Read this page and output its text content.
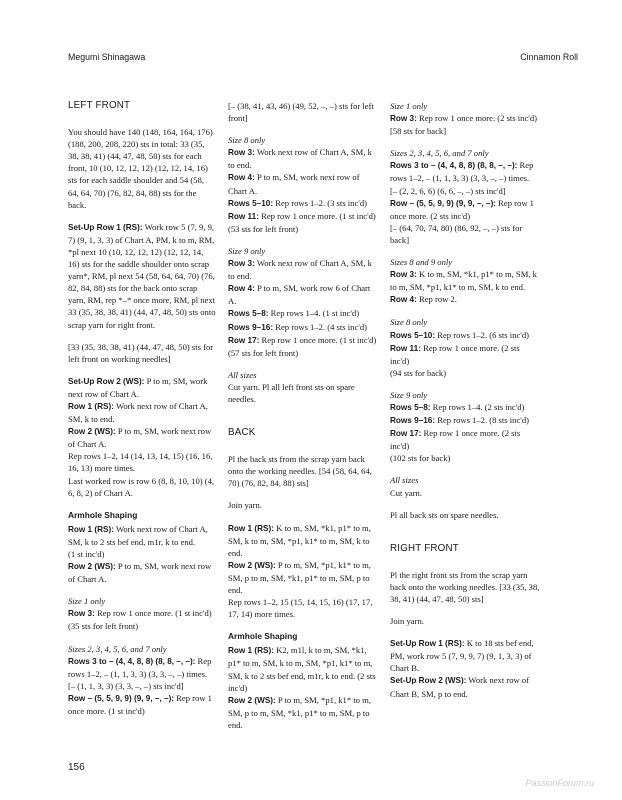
Megumi Shinagawa	Cinnamon Roll
LEFT FRONT

You should have 140 (148, 164, 164, 176) (188, 200, 208, 220) sts in total: 33 (35, 38, 38, 41) (44, 47, 48, 50) sts for each front, 10 (10, 12, 12, 12) (12, 12, 14, 16) sts for each saddle shoulder and 54 (58, 64, 64, 70) (76, 82, 84, 88) sts for the back.

Set-Up Row 1 (RS): Work row 5 (7, 9, 9, 7) (9, 1, 3, 3) of Chart A, PM, k to m, RM, *pl next 10 (10, 12, 12, 12) (12, 12, 14, 16) sts for the saddle shoulder onto scrap yarn*, RM, pl next 54 (58, 64, 64, 70) (76, 82, 84, 88) sts for the back onto scrap yarn, RM, rep *–* once more, RM, pl next 33 (35, 38, 38, 41) (44, 47, 48, 50) sts onto scrap yarn for right front.

[33 (35, 38, 38, 41) (44, 47, 48, 50) sts for left front on working needles]

Set-Up Row 2 (WS): P to m, SM, work next row of Chart A.

Row 1 (RS): Work next row of Chart A, SM, k to end.

Row 2 (WS): P to m, SM, work next row of Chart A.

Rep rows 1–2, 14 (14, 13, 14, 15) (16, 16, 16, 13) more times.

Last worked row is row 6 (8, 8, 10, 10) (4, 6, 8, 2) of Chart A.

Armhole Shaping

Row 1 (RS): Work next row of Chart A, SM, k to 2 sts bef end, m1r, k to end.
(1 st inc'd)

Row 2 (WS): P to m, SM, work next row of Chart A.

Size 1 only

Row 3: Rep row 1 once more. (1 st inc'd)

(35 sts for left front)

Sizes 2, 3, 4, 5, 6, and 7 only

Rows 3 to – (4, 4, 8, 8) (8, 8, –, –): Rep rows 1–2, – (1, 1, 3, 3) (3, 3, –, –) times.

[– (1, 1, 3, 3) (3, 3, –, –) sts inc'd]

Row – (5, 5, 9, 9) (9, 9, –, –): Rep row 1 once more. (1 st inc'd)

[– (38, 41, 43, 46) (49, 52, –, –) sts for left front]

Size 8 only

Row 3: Work next row of Chart A, SM, k to end.

Row 4: P to m, SM, work next row of Chart A.

Rows 5–10: Rep rows 1–2. (3 sts inc'd)

Row 11: Rep row 1 once more. (1 st inc'd)

(53 sts for left front)

Size 9 only

Row 3: Work next row of Chart A, SM, k to end.

Row 4: P to m, SM, work row 6 of Chart A.

Rows 5–8: Rep rows 1–4. (1 st inc'd)

Rows 9–16: Rep rows 1–2. (4 sts inc'd)

Row 17: Rep row 1 once more. (1 st inc'd)

(57 sts for left front)

All sizes

Cut yarn. Pl all left front sts on spare needles.

BACK

Pl the back sts from the scrap yarn back onto the working needles. [54 (58, 64, 64, 70) (76, 82, 84, 88) sts]

Join yarn.

Row 1 (RS): K to m, SM, *k1, p1* to m, SM, k to m, SM, *p1, k1* to m, SM, k to end.

Row 2 (WS): P to m, SM, *p1, k1* to m, SM, p to m, SM, *k1, p1* to m, SM, p to end.

Rep rows 1–2, 15 (15, 14, 15, 16) (17, 17, 17, 14) more times.

Armhole Shaping

Row 1 (RS): K2, m1l, k to m, SM, *k1, p1* to m, SM, k to m, SM, *p1, k1* to m, SM, k to 2 sts bef end, m1r, k to end. (2 sts inc'd)

Row 2 (WS): P to m, SM, *p1, k1* to m, SM, p to m, SM, *k1, p1* to m, SM, p to end.

Size 1 only

Row 3: Rep row 1 once more. (2 sts inc'd)

[58 sts for back]

Sizes 2, 3, 4, 5, 6, and 7 only

Rows 3 to – (4, 4, 8, 8) (8, 8, –, –): Rep rows 1–2, – (1, 1, 3, 3) (3, 3, –, –) times.

[– (2, 2, 6, 6) (6, 6, –, –) sts inc'd]

Row – (5, 5, 9, 9) (9, 9, –, –): Rep row 1 once more. (2 sts inc'd)

[– (64, 70, 74, 80) (86, 92, –, –) sts for back]

Sizes 8 and 9 only

Row 3: K to m, SM, *k1, p1* to m, SM, k to m, SM, *p1, k1* to m, SM, k to end.

Row 4: Rep row 2.

Size 8 only

Rows 5–10: Rep rows 1–2. (6 sts inc'd)

Row 11: Rep row 1 once more. (2 sts inc'd)

(94 sts for back)

Size 9 only

Rows 5–8: Rep rows 1–4. (2 sts inc'd)

Rows 9–16: Rep rows 1–2. (8 sts inc'd)

Row 17: Rep row 1 once more. (2 sts inc'd)

(102 sts for back)

All sizes

Cut yarn.

Pl all back sts on spare needles.

RIGHT FRONT

Pl the right front sts from the scrap yarn back onto the working needles. [33 (35, 38, 38, 41) (44, 47, 48, 50) sts]

Join yarn.

Set-Up Row 1 (RS): K to 18 sts bef end, PM, work row 5 (7, 9, 9, 7) (9, 1, 3, 3) of Chart B.

Set-Up Row 2 (WS): Work next row of Chart B, SM, p to end.

156
PassionForum.ru
